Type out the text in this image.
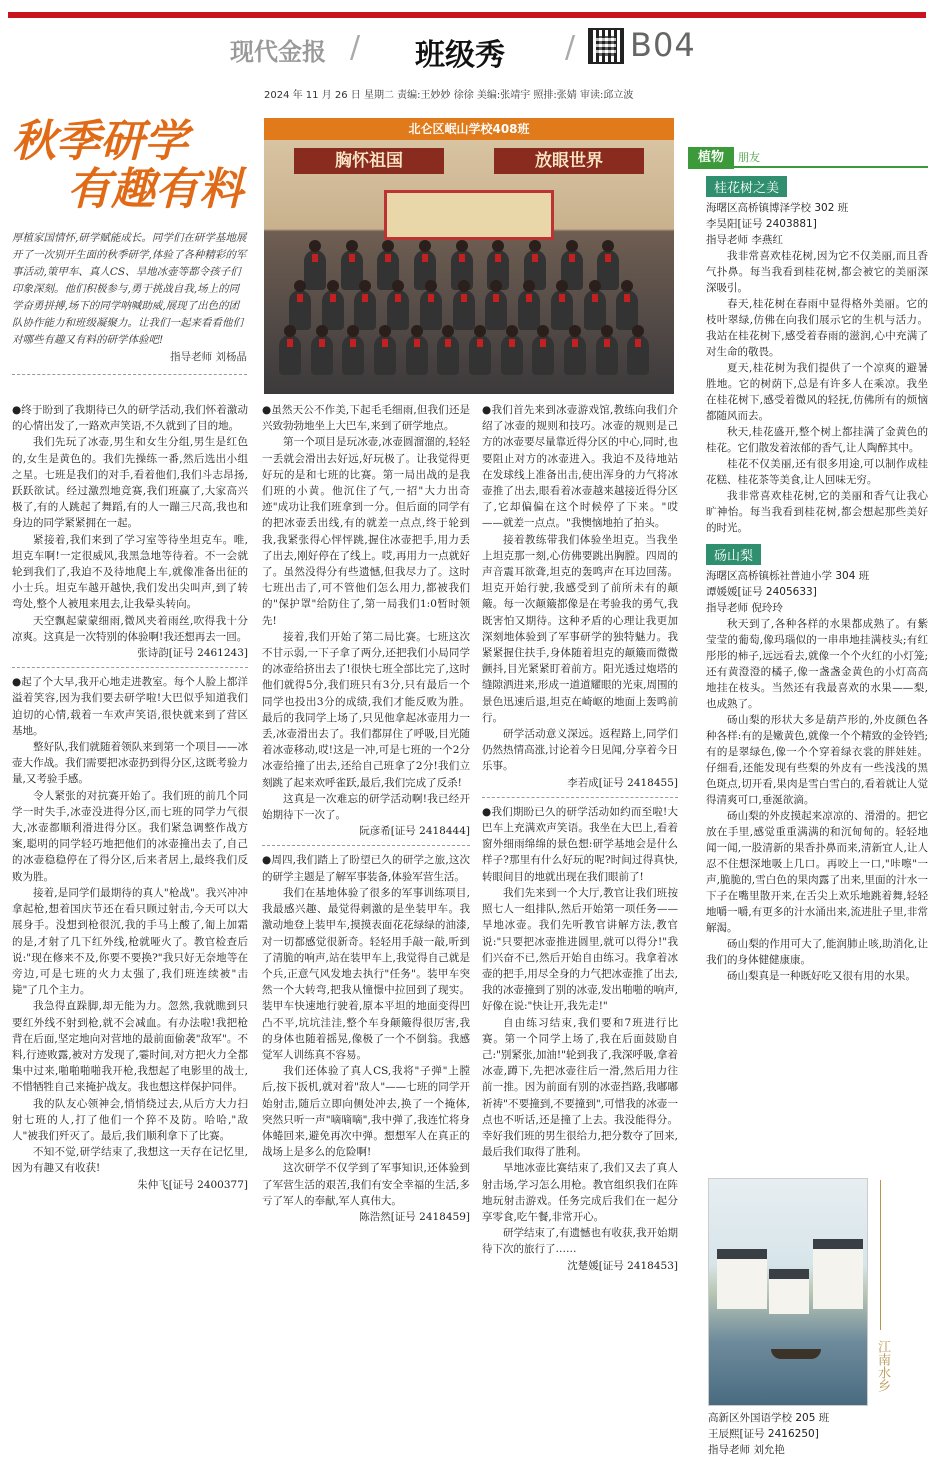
现代金报 / 班级秀 / B04
2024 年 11 月 26 日 星期二 责编:王妙妙 徐徐 美编:张靖宇 照排:张婧 审读:邱立波
秋季研学
有趣有料
厚植家国情怀,研学赋能成长。同学们在研学基地展开了一次别开生面的秋季研学,体验了各种精彩的军事活动,策甲车、真人CS、旱地冰壶等都令孩子们印象深刻。他们积极参与,勇于挑战自我,场上的同学奋勇拼搏,场下的同学呐喊助威,展现了出色的团队协作能力和班级凝聚力。让我们一起来看看他们对哪些有趣又有料的研学体验吧!
指导老师 刘杨晶
北仑区岷山学校408班
胸怀祖国	放眼世界

●终于盼到了我期待已久的研学活动,我们怀着激动的心情出发了,一路欢声笑语,不久就到了目的地。

我们先玩了冰壶,男生和女生分组,男生是红色的,女生是黄色的。我们先操练一番,然后选出小组之星。七班是我们的对手,看着他们,我们斗志昂扬,跃跃欲试。经过激烈地竞赛,我们班赢了,大家高兴极了,有的人跳起了舞蹈,有的人一蹦三尺高,我也和身边的同学紧紧拥在一起。

紧接着,我们来到了学习室等待坐坦克车。唯,坦克车啊!一定很威风,我黑急地等待着。不一会就轮到我们了,我迫不及待地爬上车,就像准备出征的小士兵。坦克车越开越快,我们发出尖叫声,到了转弯处,整个人被甩来甩去,让我晕头转向。

天空飘起蒙蒙细雨,微风夹着雨丝,吹得我十分凉爽。这真是一次特别的体验啊!我还想再去一回。

张诗韵[证号 2461243]

●起了个大早,我开心地走进教室。每个人脸上都洋溢着笑容,因为我们要去研学啦!大巴似乎知道我们迫切的心情,载着一车欢声笑语,很快就来到了营区基地。

整好队,我们就随着领队来到第一个项目——冰壶大作战。我们需要把冰壶扔到得分区,这既考验力量,又考验手感。

令人紧张的对抗赛开始了。我们班的前几个同学一时失手,冰壶没进得分区,而七班的同学力气很大,冰壶都顺利滑进得分区。我们紧急调整作战方案,聪明的同学轻巧地把他们的冰壶撞出去了,自己的冰壶稳稳停在了得分区,后来者居上,最终我们反败为胜。

接着,是同学们最期待的真人"枪战"。我兴冲冲拿起枪,想着国庆节还在看只顾过射击,今天可以大展身手。没想到枪很沉,我的手马上酸了,匍上加霜的是,才射了几下红外线,枪就哑火了。教官检查后说:"现在修来不及,你要不要换?"我只好无奈地等在旁边,可是七班的火力太强了,我们班连续被"击毙"了几个主力。

我急得直跺脚,却无能为力。忽然,我就瞧到只要红外线不射到枪,就不会减血。有办法啦!我把枪背在后面,坚定地向对营地的最前面偷袭"敌军"。不料,行迹败露,被对方发现了,霎时间,对方把火力全都集中过来,啪啪啪啪我开枪,我想起了电影里的战士,不惜牺牲自己来掩护战友。我也想这样保护同伴。

我的队友心领神会,悄悄绕过去,从后方大力扫射七班的人,打了他们一个猝不及防。哈哈,"敌人"被我们歼灭了。最后,我们顺利拿下了比赛。

不知不觉,研学结束了,我想这一天存在记忆里,因为有趣又有收获!

朱仲飞[证号 2400377]

●虽然天公不作美,下起毛毛细雨,但我们还是兴致勃勃地坐上大巴车,来到了研学地点。

第一个项目是玩冰壶,冰壶圆溜溜的,轻轻一丢就会滑出去好远,好玩极了。让我觉得更好玩的是和七班的比赛。第一局出战的是我们班的小黄。他沉住了气,一招"大力出奇迹"成功让我们班拿到一分。但后面的同学有的把冰壶丢出线,有的就差一点点,终于轮到我,我紧张得心怦怦跳,握住冰壶把手,用力丢了出去,刚好停在了线上。哎,再用力一点就好了。虽然没得分有些遗憾,但我尽力了。这时七班出击了,可不管他们怎么用力,都被我们的"保护罩"给防住了,第一局我们1:0暂时领先!

接着,我们开始了第二局比赛。七班这次不甘示弱,一下子拿了两分,还把我们小局同学的冰壶给挤出去了!很快七班全部比完了,这时他们就得5分,我们班只有3分,只有最后一个同学也投出3分的成绩,我们才能反败为胜。最后的我同学上场了,只见他拿起冰壶用力一丢,冰壶滑出去了。我们都屏住了呼吸,目光随着冰壶移动,哎!这是一冲,可是七班的一个2分冰壶给撞了出去,还给自己班拿了2分!我们立刻跳了起来欢呼雀跃,最后,我们完成了反杀!

这真是一次难忘的研学活动啊!我已经开始期待下一次了。

阮彦希[证号 2418444]

●周四,我们踏上了盼望已久的研学之旅,这次的研学主题是了解军事装备,体验军营生活。

我们在基地体验了很多的军事训练项目,我最感兴趣、最觉得刺激的是坐装甲车。我激动地登上装甲车,摸摸表面花花绿绿的油漆,对一切都感觉很新奇。轻轻用手敲一敲,听到了清脆的响声,站在装甲车上,我觉得自己就是个兵,正意气风发地去执行"任务"。装甲车突然一个大转弯,把我从憧憬中拉回到了现实。装甲车快速地行驶着,原本平坦的地面变得凹凸不平,坑坑洼洼,整个车身颠簸得很厉害,我的身体也随着摇晃,像极了一个不倒翁。我感觉军人训练真不容易。

我们还体验了真人CS,我将"子弹"上膛后,按下扳机,就对着"敌人"——七班的同学开始射击,随后立即向侧处冲去,换了一个掩体,突然只听一声"嘀嘀嘀",我中弹了,我连忙将身体蜷回来,避免再次中弹。想想军人在真正的战场上是多么的危险啊!

这次研学不仅学到了军事知识,还体验到了军营生活的艰苦,我们有安全幸福的生活,多亏了军人的奉献,军人真伟大。

陈浩然[证号 2418459]

●我们首先来到冰壶游戏馆,教练向我们介绍了冰壶的规则和技巧。冰壶的规则是己方的冰壶要尽量靠近得分区的中心,同时,也要阻止对方的冰壶进入。我迫不及待地站在发球线上准备出击,使出浑身的力气将冰壶推了出去,眼看着冰壶越来越接近得分区了,它却偏偏在这个时候停了下来。"哎——就差一点点。"我懊恼地拍了拍头。

接着教练带我们体验坐坦克。当我坐上坦克那一刻,心仿佛要跳出胸膛。四周的声音震耳欲聋,坦克的轰鸣声在耳边回荡。坦克开始行驶,我感受到了前所未有的颠簸。每一次颠簸都像是在考验我的勇气,我既害怕又期待。这种矛盾的心理让我更加深刻地体验到了军事研学的独特魅力。我紧紧握住扶手,身体随着坦克的颠簸而微微颤抖,目光紧紧盯着前方。阳光透过炮塔的缝隙洒进来,形成一道道耀眼的光束,周围的景色迅速后退,坦克在崎岖的地面上轰鸣前行。

研学活动意义深远。返程路上,同学们仍然热情高涨,讨论着今日见闻,分享着今日乐事。

李若成[证号 2418455]

●我们期盼已久的研学活动如约而至啦!大巴车上充满欢声笑语。我坐在大巴上,看着窗外细雨绵绵的景色想:研学基地会是什么样子?那里有什么好玩的呢?时间过得真快,转眼间目的地就出现在我们眼前了!

我们先来到一个大厅,教官让我们班按照七人一组排队,然后开始第一项任务——旱地冰壶。我们先听教官讲解方法,教官说:"只要把冰壶推进圆里,就可以得分!"我们兴奋不已,然后开始自由练习。我拿着冰壶的把手,用尽全身的力气把冰壶推了出去,我的冰壶撞到了别的冰壶,发出啪啪的响声,好像在说:"快让开,我先走!"

自由练习结束,我们要和7班进行比赛。第一个同学上场了,我在后面鼓励自己:"别紧张,加油!"轮到我了,我深呼吸,拿着冰壶,蹲下,先把冰壶往后一滑,然后用力往前一推。因为前面有别的冰壶挡路,我嘟嘟祈祷"不要撞到,不要撞到",可惜我的冰壶一点也不听话,还是撞了上去。我没能得分。幸好我们班的男生很给力,把分数夺了回来,最后我们取得了胜利。

旱地冰壶比赛结束了,我们又去了真人射击场,学习怎么用枪。教官组织我们在阵地玩射击游戏。任务完成后我们在一起分享零食,吃午餐,非常开心。

研学结束了,有遗憾也有收获,我开始期待下次的旅行了……

沈楚媛[证号 2418453]
植物 朋友
桂花树之美
海曙区高桥镇博泽学校 302 班
李昊阳[证号 2403881]
指导老师 李燕红

我非常喜欢桂花树,因为它不仅美丽,而且香气扑鼻。每当我看到桂花树,都会被它的美丽深深吸引。

春天,桂花树在春雨中显得格外美丽。它的枝叶翠绿,仿佛在向我们展示它的生机与活力。我站在桂花树下,感受着春雨的滋润,心中充满了对生命的敬畏。

夏天,桂花树为我们提供了一个凉爽的避暑胜地。它的树荫下,总是有许多人在乘凉。我坐在桂花树下,感受着微风的轻抚,仿佛所有的烦恼都随风而去。

秋天,桂花盛开,整个树上都挂满了金黄色的桂花。它们散发着浓郁的香气,让人陶醉其中。

桂花不仅美丽,还有很多用途,可以制作成桂花糕、桂花茶等美食,让人回味无穷。

我非常喜欢桂花树,它的美丽和香气让我心旷神怡。每当我看到桂花树,都会想起那些美好的时光。

砀山梨
海曙区高桥镇栎社普迪小学 304 班
谭媛媛[证号 2405633]
指导老师 倪玲玲

秋天到了,各种各样的水果都成熟了。有紫莹莹的葡萄,像玛瑙似的一串串地挂满枝头;有红彤彤的柿子,远远看去,就像一个个火红的小灯笼;还有黄澄澄的橘子,像一盏盏金黄色的小灯高高地挂在枝头。当然还有我最喜欢的水果——梨,也成熟了。

砀山梨的形状大多是葫芦形的,外皮颜色各种各样:有的是嫩黄色,就像一个个精致的金铃铛;有的是翠绿色,像一个个穿着绿衣裳的胖娃娃。仔细看,还能发现有些梨的外皮有一些浅浅的黑色斑点,切开看,果肉是雪白雪白的,看着就让人觉得清爽可口,垂涎欲滴。

砀山梨的外皮摸起来凉凉的、滑滑的。把它放在手里,感觉重重满满的和沉甸甸的。轻轻地闻一闻,一股清新的果香扑鼻而来,清新宜人,让人忍不住想深地吸上几口。再咬上一口,"咔嚓"一声,脆脆的,雪白色的果肉露了出来,里面的汁水一下子在嘴里散开来,在舌尖上欢乐地跳着舞,轻轻地嚼一嚼,有更多的汁水涌出来,流进肚子里,非常解渴。

砀山梨的作用可大了,能润肺止咳,助消化,让我们的身体健健康康。

砀山梨真是一种既好吃又很有用的水果。

江南水乡
高新区外国语学校 205 班
王辰熙[证号 2416250]
指导老师 刘允艳
